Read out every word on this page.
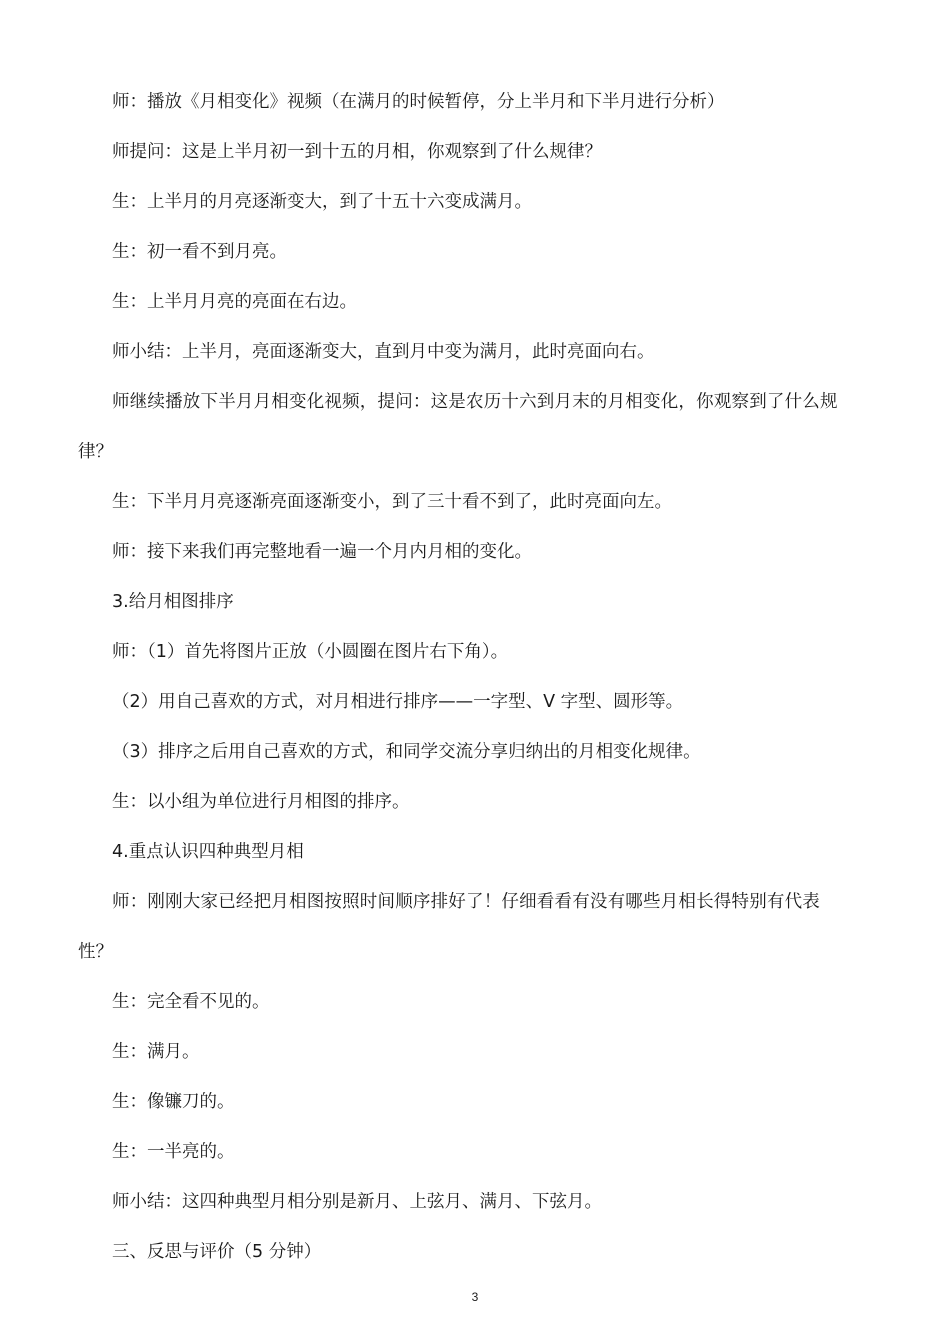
师：播放《月相变化》视频（在满月的时候暂停，分上半月和下半月进行分析）
师提问：这是上半月初一到十五的月相，你观察到了什么规律？
生：上半月的月亮逐渐变大，到了十五十六变成满月。
生：初一看不到月亮。
生：上半月月亮的亮面在右边。
师小结：上半月，亮面逐渐变大，直到月中变为满月，此时亮面向右。
师继续播放下半月月相变化视频，提问：这是农历十六到月末的月相变化，你观察到了什么规
律？
生：下半月月亮逐渐亮面逐渐变小，到了三十看不到了，此时亮面向左。
师：接下来我们再完整地看一遍一个月内月相的变化。
3.给月相图排序
师：（1）首先将图片正放（小圆圈在图片右下角）。
（2）用自己喜欢的方式，对月相进行排序——一字型、V 字型、圆形等。
（3）排序之后用自己喜欢的方式，和同学交流分享归纳出的月相变化规律。
生：以小组为单位进行月相图的排序。
4.重点认识四种典型月相
师：刚刚大家已经把月相图按照时间顺序排好了！仔细看看有没有哪些月相长得特别有代表
性？
生：完全看不见的。
生：满月。
生：像镰刀的。
生：一半亮的。
师小结：这四种典型月相分别是新月、上弦月、满月、下弦月。
三、反思与评价（5 分钟）
3
